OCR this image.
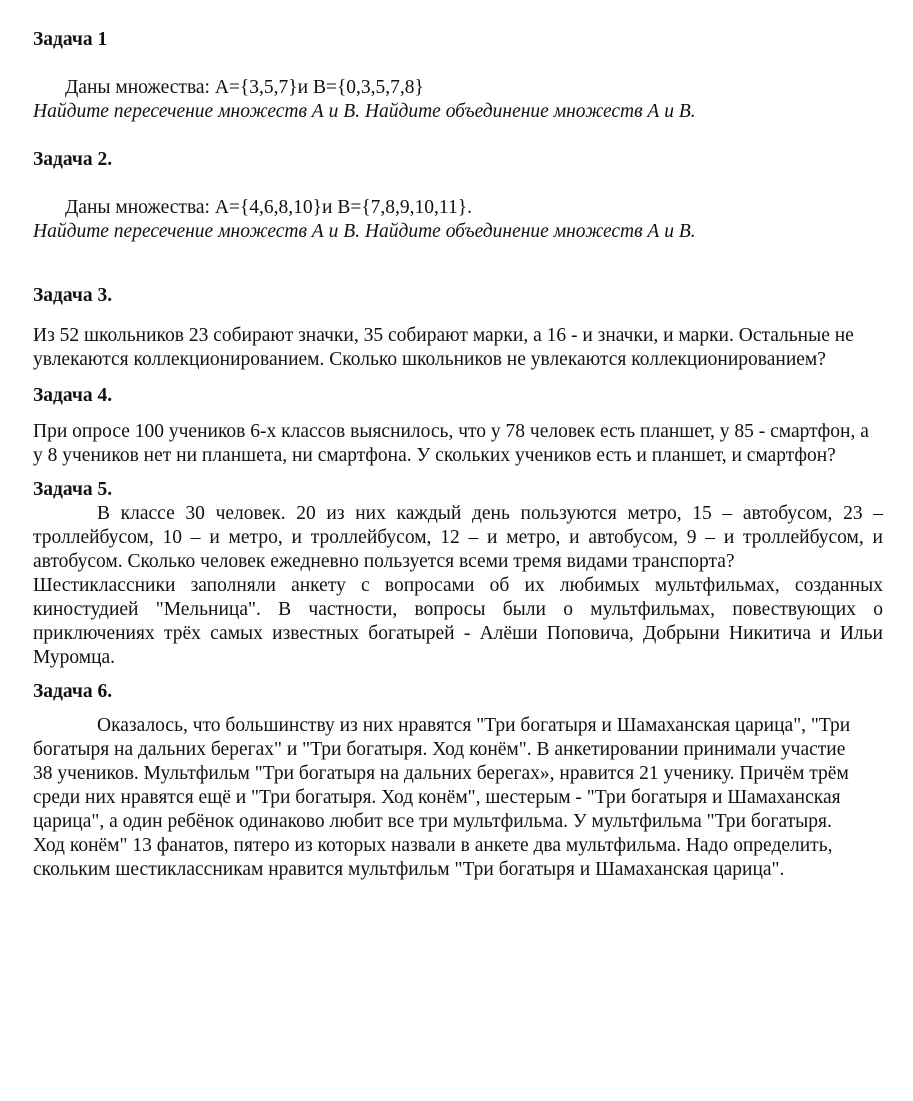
Задача 1

Даны множества: А={3,5,7}и В={0,3,5,7,8}

Найдите пересечение множеств А и В. Найдите объединение множеств А и В.

Задача 2.

Даны множества: А={4,6,8,10}и В={7,8,9,10,11}.

Найдите пересечение множеств А и В. Найдите объединение множеств А и В.

Задача 3.

Из 52 школьников 23 собирают значки, 35 собирают марки, а 16 - и значки, и марки. Остальные не увлекаются коллекционированием. Сколько школьников не увлекаются коллекционированием?

Задача 4.

При опросе 100 учеников 6-х классов выяснилось, что у 78 человек есть планшет, у 85 - смартфон, а у 8 учеников нет ни планшета, ни смартфона. У скольких учеников есть и планшет, и смартфон?

Задача 5.

В классе 30 человек. 20 из них каждый день пользуются метро, 15 – автобусом, 23 – троллейбусом, 10 – и метро, и троллейбусом, 12 – и метро, и автобусом, 9 – и троллейбусом, и автобусом. Сколько человек ежедневно пользуется всеми тремя видами транспорта?

Шестиклассники заполняли анкету с вопросами об их любимых мультфильмах, созданных киностудией "Мельница". В частности, вопросы были о мультфильмах, повествующих о приключениях трёх самых известных богатырей - Алёши Поповича, Добрыни Никитича и Ильи Муромца.

Задача 6.

Оказалось, что большинству из них нравятся "Три богатыря и Шамаханская царица", "Три богатыря на дальних берегах" и "Три богатыря. Ход конём". В анкетировании принимали участие 38 учеников. Мультфильм "Три богатыря на дальних берегах», нравится 21 ученику. Причём трём среди них нравятся ещё и "Три богатыря. Ход конём", шестерым - "Три богатыря и Шамаханская царица", а один ребёнок одинаково любит все три мультфильма. У мультфильма "Три богатыря. Ход конём" 13 фанатов, пятеро из которых назвали в анкете два мультфильма. Надо определить, скольким шестиклассникам нравится мультфильм "Три богатыря и Шамаханская царица".
